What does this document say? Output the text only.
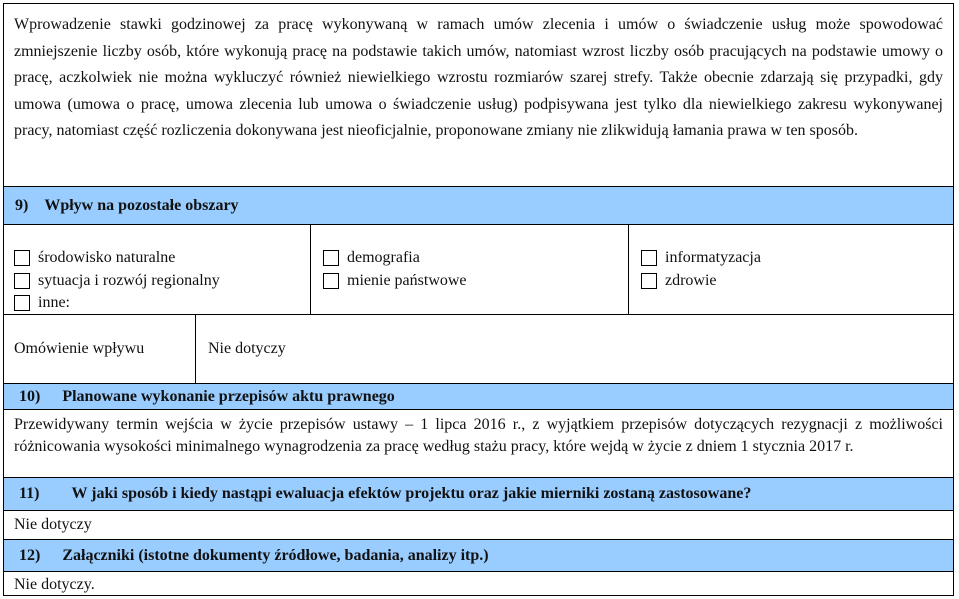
Wprowadzenie stawki godzinowej za pracę wykonywaną w ramach umów zlecenia i umów o świadczenie usług może spowodować zmniejszenie liczby osób, które wykonują pracę na podstawie takich umów, natomiast wzrost liczby osób pracujących na podstawie umowy o pracę, aczkolwiek nie można wykluczyć również niewielkiego wzrostu rozmiarów szarej strefy. Także obecnie zdarzają się przypadki, gdy umowa (umowa o pracę, umowa zlecenia lub umowa o świadczenie usług) podpisywana jest tylko dla niewielkiego zakresu wykonywanej pracy, natomiast część rozliczenia dokonywana jest nieoficjalnie, proponowane zmiany nie zlikwidują łamania prawa w ten sposób.
9) Wpływ na pozostałe obszary
środowisko naturalne
sytuacja i rozwój regionalny
inne:
demografia
mienie państwowe
informatyzacja
zdrowie
Omówienie wpływu	Nie dotyczy
10) Planowane wykonanie przepisów aktu prawnego
Przewidywany termin wejścia w życie przepisów ustawy – 1 lipca 2016 r., z wyjątkiem przepisów dotyczących rezygnacji z możliwości różnicowania wysokości minimalnego wynagrodzenia za pracę według stażu pracy, które wejdą w życie z dniem 1 stycznia 2017 r.
11) W jaki sposób i kiedy nastąpi ewaluacja efektów projektu oraz jakie mierniki zostaną zastosowane?
Nie dotyczy
12) Załączniki (istotne dokumenty źródłowe, badania, analizy itp.)
Nie dotyczy.
